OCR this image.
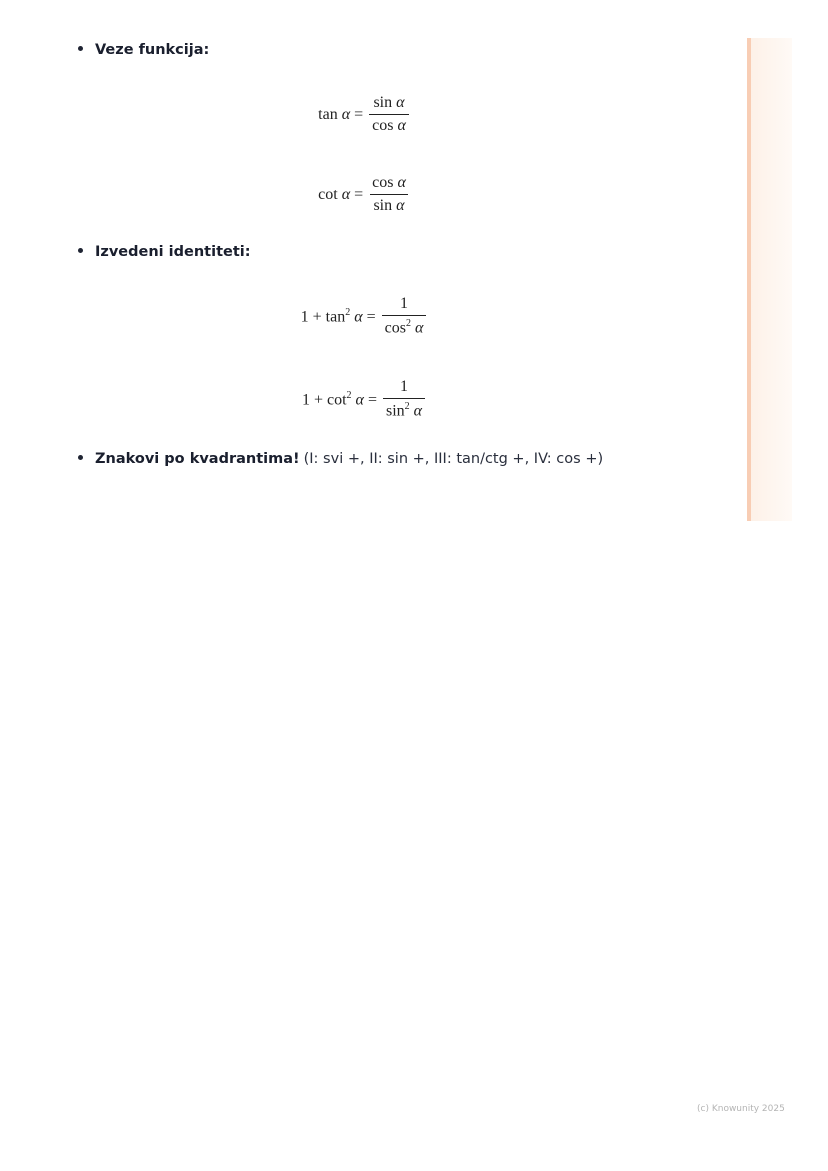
Veze funkcija:
$\tan \alpha = \frac{\text{sin α}}{\text{cos α}}$
$\cot \alpha = \frac{\text{cos α}}{\text{sin α}}$
Izvedeni identiteti:
$1 + \tan^2 \alpha = \frac{1}{\cos^2 \alpha}$
$1 + \cot^2 \alpha = \frac{1}{\sin^2 \alpha}$
Znakovi po kvadrantima! (I: svi +, II: sin +, III: tan/ctg +, IV: cos +)
(c) Knowunity 2025
